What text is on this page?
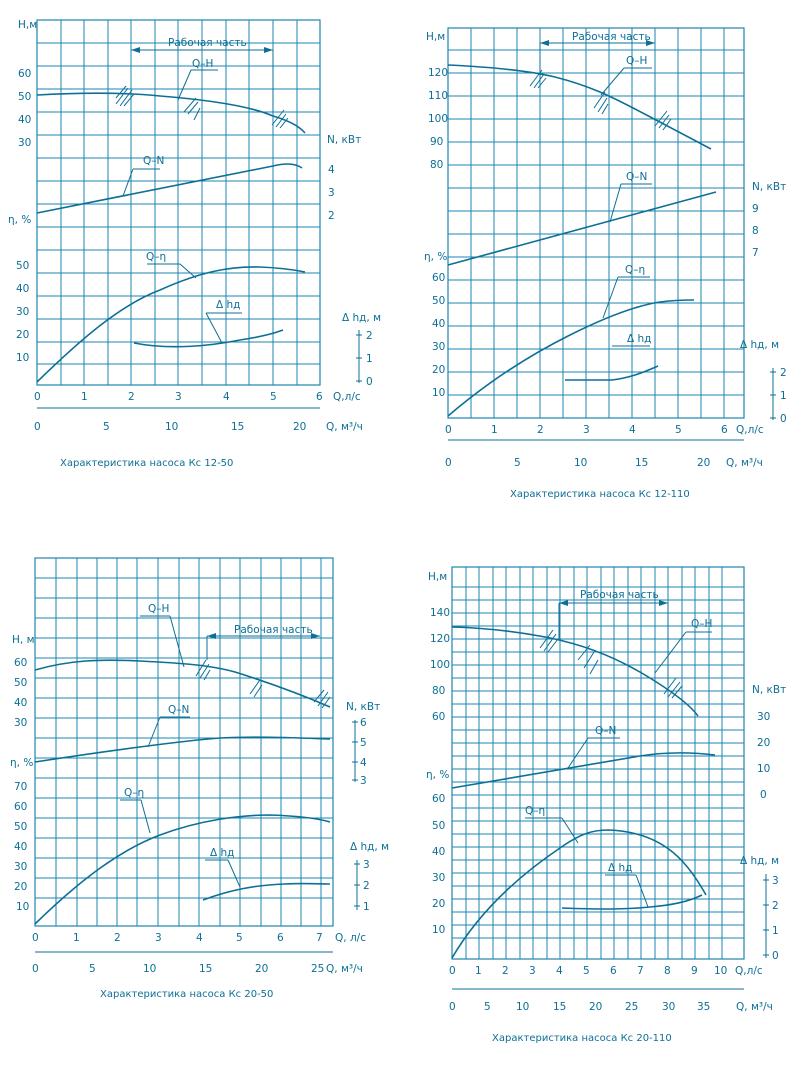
Рабочая часть
Q–H
Q–N
Q–η
Δ hд
Н,м
60
50
40
30	N, кВт
4
3
2
η, %
50
40
30
20
10
Δ hд, м
2
1
0
0	1	2	3	4	5	6 Q,л/с
0	5	10	15	20 Q, м³/ч
Характеристика насоса Кс 12-50
Рабочая часть
Q–H
Q–N
Q–η
Δ hд
Н,м
120
110
100
90
80
N, кВт
9
8
7
η, %
60
50
40
30
20
10
Δ hд, м
2
1
0
0	1	2	3	4	5	6 Q,л/с
0	5	10	15	20 Q, м³/ч
Характеристика насоса Кс 12-110
Рабочая часть
Q–H
Q–N
Q–η
Δ hд
Н, м
60
50
40
30
N, кВт
6
5
4
3
η, %
70
60
50
40
30
20
10
Δ hд, м
3
2
1
0	1	2	3	4	5	6	7 Q, л/с
0	5	10	15	20	25 Q, м³/ч
Характеристика насоса Кс 20-50
Рабочая часть
Q–H
Q–N
Q–η
Δ hд
Н,м
140
120
100
80
60
N, кВт
30
20
10
0
η, %
60
50
40
30
20
10
Δ hд, м
3
2
1
0
0 1 2 3 4 5 6 7 8 9 10 Q,л/с
0	5 10 15 20 25 30 35 Q, м³/ч
Характеристика насоса Кс 20-110
